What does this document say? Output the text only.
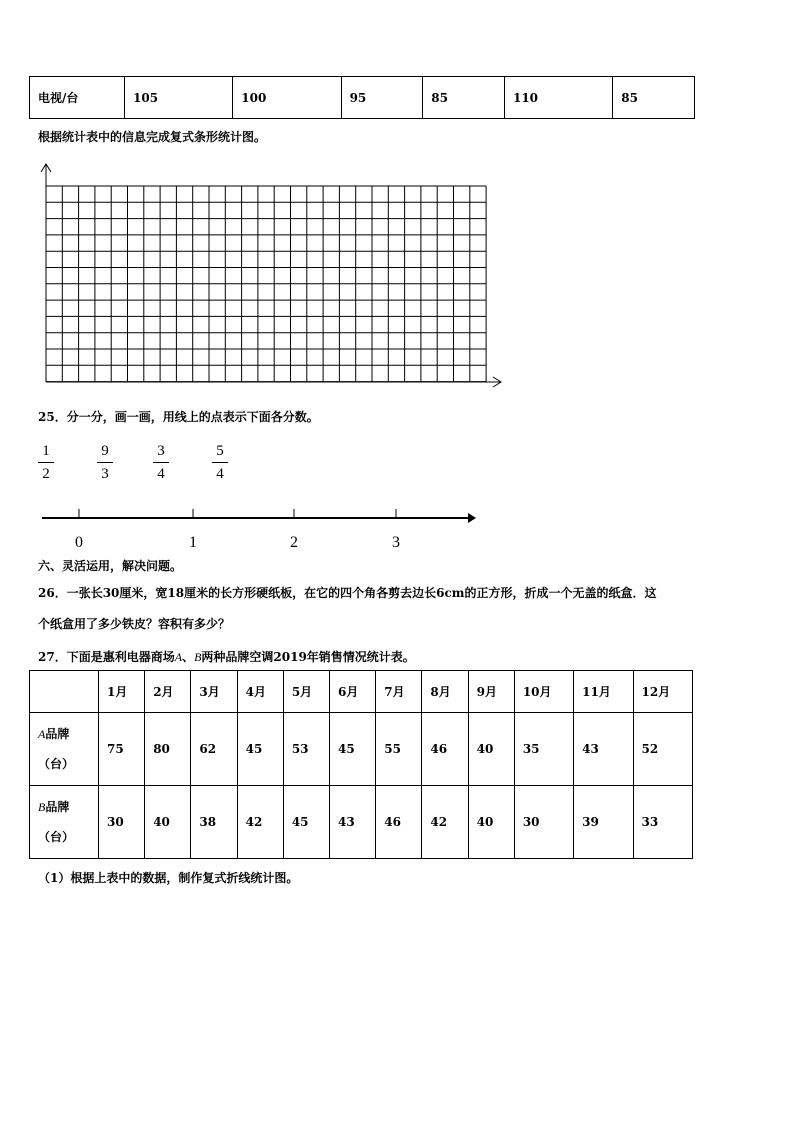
电视/台	105	100	95	85	110	85
根据统计表中的信息完成复式条形统计图。
25．分一分，画一画，用线上的点表示下面各分数。
1
2
9
3
3
4
5
4
0	1	2	3
六、灵活运用，解决问题。
26．一张长30厘米，宽18厘米的长方形硬纸板，在它的四个角各剪去边长6cm的正方形，折成一个无盖的纸盒．这
个纸盒用了多少铁皮？容积有多少？
27．下面是惠利电器商场A、B两种品牌空调2019年销售情况统计表。
	1月	2月	3月	4月	5月	6月	7月	8月	9月	10月	11月	12月

A品牌
（台）	75	80	62	45	53	45	55	46	40	35	43	52

B品牌
（台）	30	40	38	42	45	43	46	42	40	30	39	33
（1）根据上表中的数据，制作复式折线统计图。
